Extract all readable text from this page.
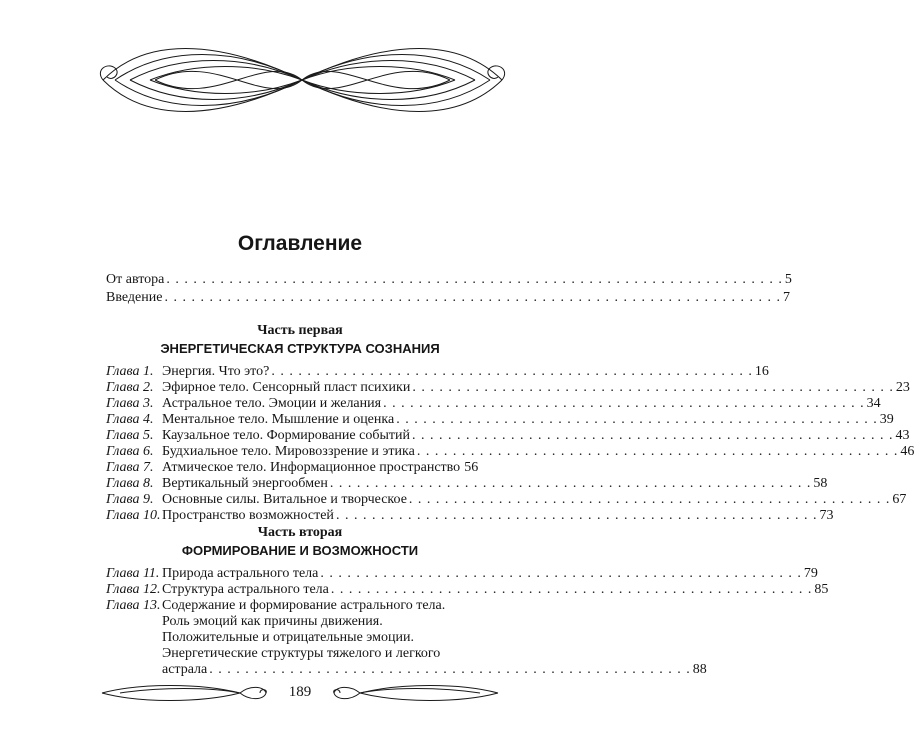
Оглавление
От автора . . . . . . . . . . . . . . . . . . . . . . . . . . . . . . . . . . . . . . . . . . . . . . . . . . . . . . . . . . . . . . . . . . . . . 5
Введение . . . . . . . . . . . . . . . . . . . . . . . . . . . . . . . . . . . . . . . . . . . . . . . . . . . . . . . . . . . . . . . . . . . . . 7
Часть первая
ЭНЕРГЕТИЧЕСКАЯ СТРУКТУРА СОЗНАНИЯ
Глава 1. Энергия. Что это? . . . . . . . . . . . . . . . . . . . . . . . . . . . . . . . . . . . . . . . . . . . . . . . . . . . . . . 16
Глава 2. Эфирное тело. Сенсорный пласт психики . . . . . . . . . . . . . . . . . . . . . . . . . . . . . . . . . . . . . . . . . . . . . . . . . . . . . . 23
Глава 3. Астральное тело. Эмоции и желания . . . . . . . . . . . . . . . . . . . . . . . . . . . . . . . . . . . . . . . . . . . . . . . . . . . . . . 34
Глава 4. Ментальное тело. Мышление и оценка . . . . . . . . . . . . . . . . . . . . . . . . . . . . . . . . . . . . . . . . . . . . . . . . . . . . . . 39
Глава 5. Каузальное тело. Формирование событий . . . . . . . . . . . . . . . . . . . . . . . . . . . . . . . . . . . . . . . . . . . . . . . . . . . . . . 43
Глава 6. Будхиальное тело. Мировоззрение и этика . . . . . . . . . . . . . . . . . . . . . . . . . . . . . . . . . . . . . . . . . . . . . . . . . . . . . . 46
Глава 7. Атмическое тело. Информационное пространство 56
Глава 8. Вертикальный энергообмен . . . . . . . . . . . . . . . . . . . . . . . . . . . . . . . . . . . . . . . . . . . . . . . . . . . . . . 58
Глава 9. Основные силы. Витальное и творческое . . . . . . . . . . . . . . . . . . . . . . . . . . . . . . . . . . . . . . . . . . . . . . . . . . . . . . 67
Глава 10. Пространство возможностей . . . . . . . . . . . . . . . . . . . . . . . . . . . . . . . . . . . . . . . . . . . . . . . . . . . . . . 73
Часть вторая
ФОРМИРОВАНИЕ И ВОЗМОЖНОСТИ
Глава 11. Природа астрального тела . . . . . . . . . . . . . . . . . . . . . . . . . . . . . . . . . . . . . . . . . . . . . . . . . . . . . . 79
Глава 12. Структура астрального тела . . . . . . . . . . . . . . . . . . . . . . . . . . . . . . . . . . . . . . . . . . . . . . . . . . . . . . 85
Глава 13. Содержание и формирование астрального тела.
Роль эмоций как причины движения.
Положительные и отрицательные эмоции.
Энергетические структуры тяжелого и легкого
астрала . . . . . . . . . . . . . . . . . . . . . . . . . . . . . . . . . . . . . . . . . . . . . . . . . . . . . . 88
189
